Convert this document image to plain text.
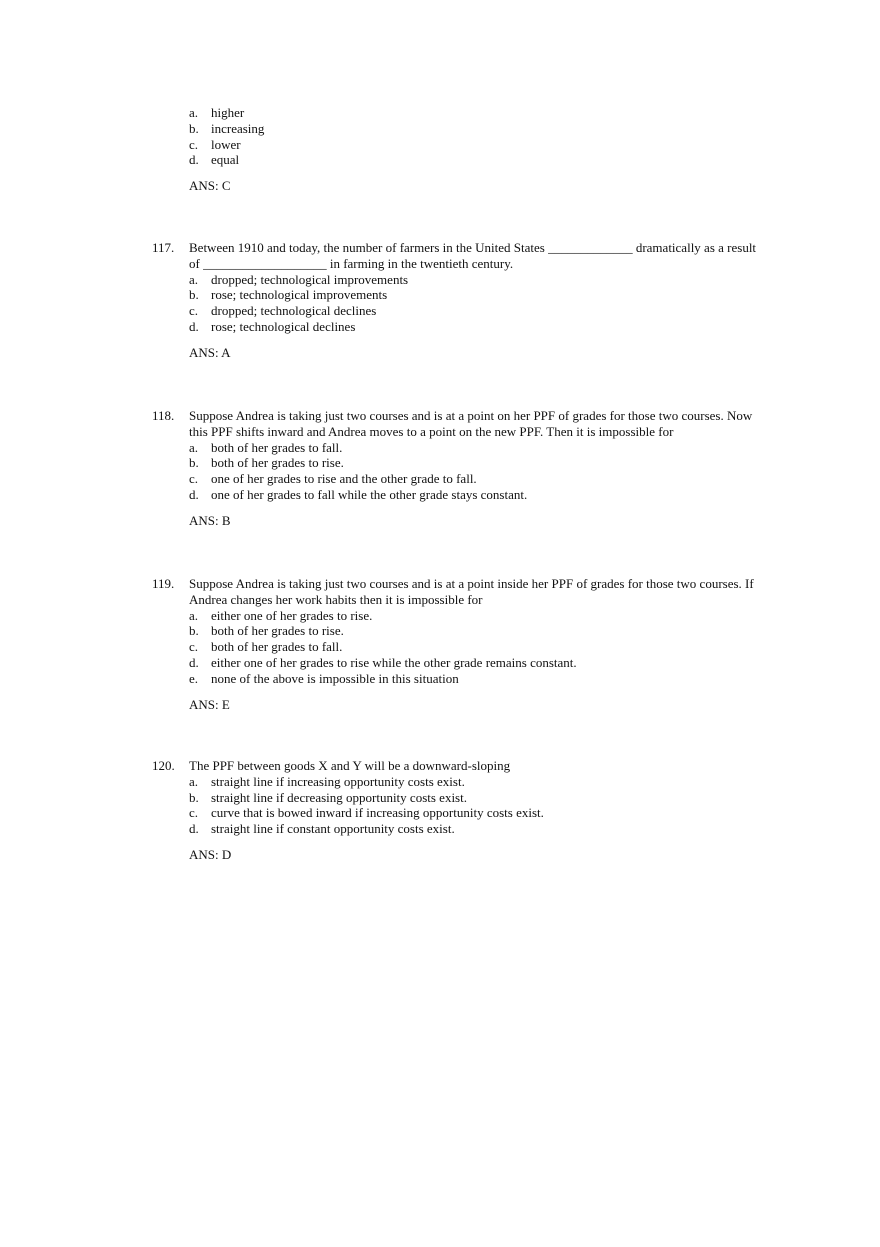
a. higher
b. increasing
c. lower
d. equal
ANS: C
117. Between 1910 and today, the number of farmers in the United States _____________ dramatically as a result of ___________________ in farming in the twentieth century.
a. dropped; technological improvements
b. rose; technological improvements
c. dropped; technological declines
d. rose; technological declines
ANS: A
118. Suppose Andrea is taking just two courses and is at a point on her PPF of grades for those two courses. Now this PPF shifts inward and Andrea moves to a point on the new PPF. Then it is impossible for
a. both of her grades to fall.
b. both of her grades to rise.
c. one of her grades to rise and the other grade to fall.
d. one of her grades to fall while the other grade stays constant.
ANS: B
119. Suppose Andrea is taking just two courses and is at a point inside her PPF of grades for those two courses. If Andrea changes her work habits then it is impossible for
a. either one of her grades to rise.
b. both of her grades to rise.
c. both of her grades to fall.
d. either one of her grades to rise while the other grade remains constant.
e. none of the above is impossible in this situation
ANS: E
120. The PPF between goods X and Y will be a downward-sloping
a. straight line if increasing opportunity costs exist.
b. straight line if decreasing opportunity costs exist.
c. curve that is bowed inward if increasing opportunity costs exist.
d. straight line if constant opportunity costs exist.
ANS: D
